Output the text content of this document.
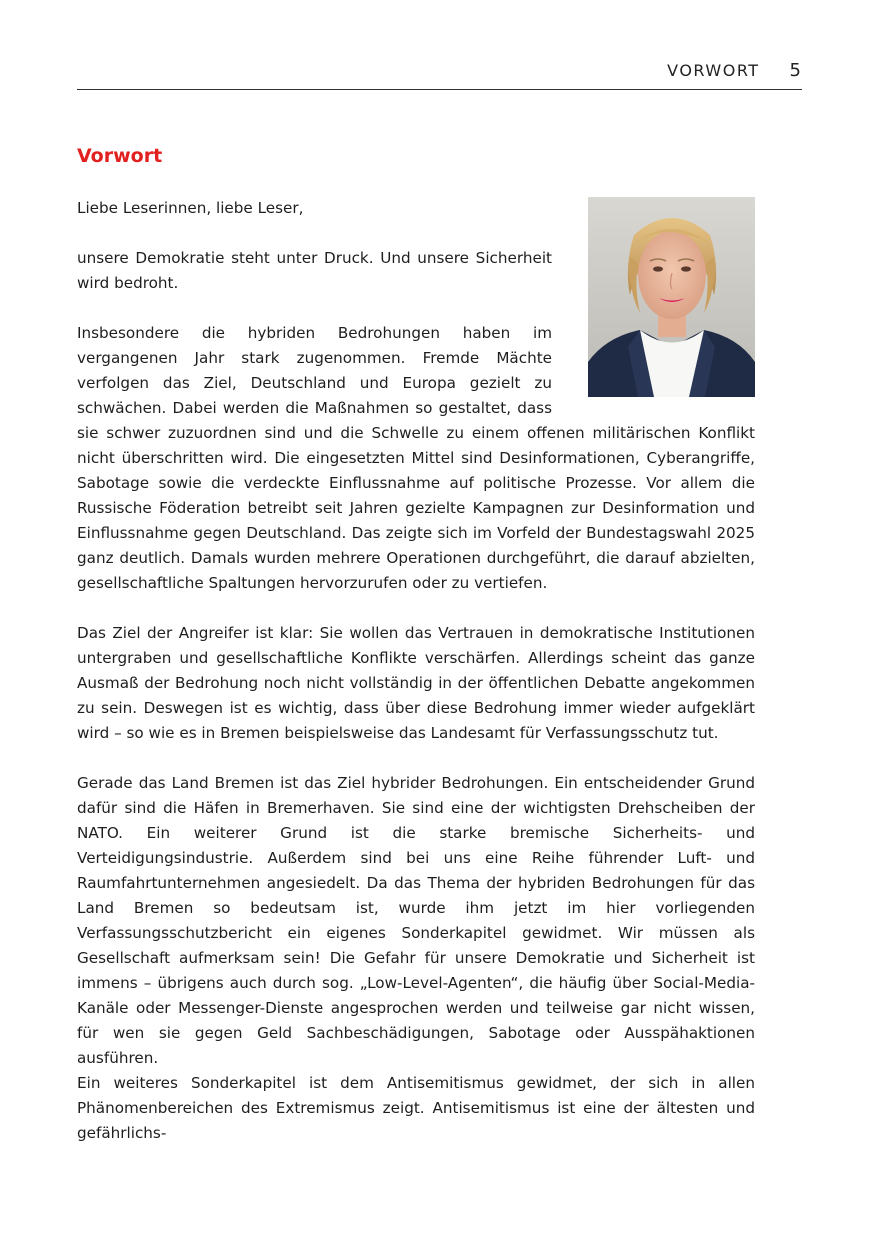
VORWORT 5
Vorwort

Liebe Leserinnen, liebe Leser,

unsere Demokratie steht unter Druck. Und unsere Sicherheit wird bedroht.

Insbesondere die hybriden Bedrohungen haben im vergangenen Jahr stark zugenommen. Fremde Mächte verfolgen das Ziel, Deutschland und Europa gezielt zu schwächen. Dabei werden die Maßnahmen so gestaltet, dass sie schwer zuzuordnen sind und die Schwelle zu einem offenen militärischen Konflikt nicht überschritten wird. Die eingesetzten Mittel sind Desinformationen, Cyberangriffe, Sabotage sowie die verdeckte Einflussnahme auf politische Prozesse. Vor allem die Russische Föderation betreibt seit Jahren gezielte Kampagnen zur Desinformation und Einflussnahme gegen Deutschland. Das zeigte sich im Vorfeld der Bundestagswahl 2025 ganz deutlich. Damals wurden mehrere Operationen durchgeführt, die darauf abzielten, gesellschaftliche Spaltungen hervorzurufen oder zu vertiefen.

Das Ziel der Angreifer ist klar: Sie wollen das Vertrauen in demokratische Institutionen untergraben und gesellschaftliche Konflikte verschärfen. Allerdings scheint das ganze Ausmaß der Bedrohung noch nicht vollständig in der öffentlichen Debatte angekommen zu sein. Deswegen ist es wichtig, dass über diese Bedrohung immer wieder aufgeklärt wird – so wie es in Bremen beispielsweise das Landesamt für Verfassungsschutz tut.

Gerade das Land Bremen ist das Ziel hybrider Bedrohungen. Ein entscheidender Grund dafür sind die Häfen in Bremerhaven. Sie sind eine der wichtigsten Drehscheiben der NATO. Ein weiterer Grund ist die starke bremische Sicherheits- und Verteidigungsindustrie. Außerdem sind bei uns eine Reihe führender Luft- und Raumfahrtunternehmen angesiedelt. Da das Thema der hybriden Bedrohungen für das Land Bremen so bedeutsam ist, wurde ihm jetzt im hier vorliegenden Verfassungsschutzbericht ein eigenes Sonderkapitel gewidmet. Wir müssen als Gesellschaft aufmerksam sein! Die Gefahr für unsere Demokratie und Sicherheit ist immens – übrigens auch durch sog. „Low-Level-Agenten“, die häufig über Social-Media-Kanäle oder Messenger-Dienste angesprochen werden und teilweise gar nicht wissen, für wen sie gegen Geld Sachbeschädigungen, Sabotage oder Ausspähaktionen ausführen.

Ein weiteres Sonderkapitel ist dem Antisemitismus gewidmet, der sich in allen Phänomenbereichen des Extremismus zeigt. Antisemitismus ist eine der ältesten und gefährlichs-
